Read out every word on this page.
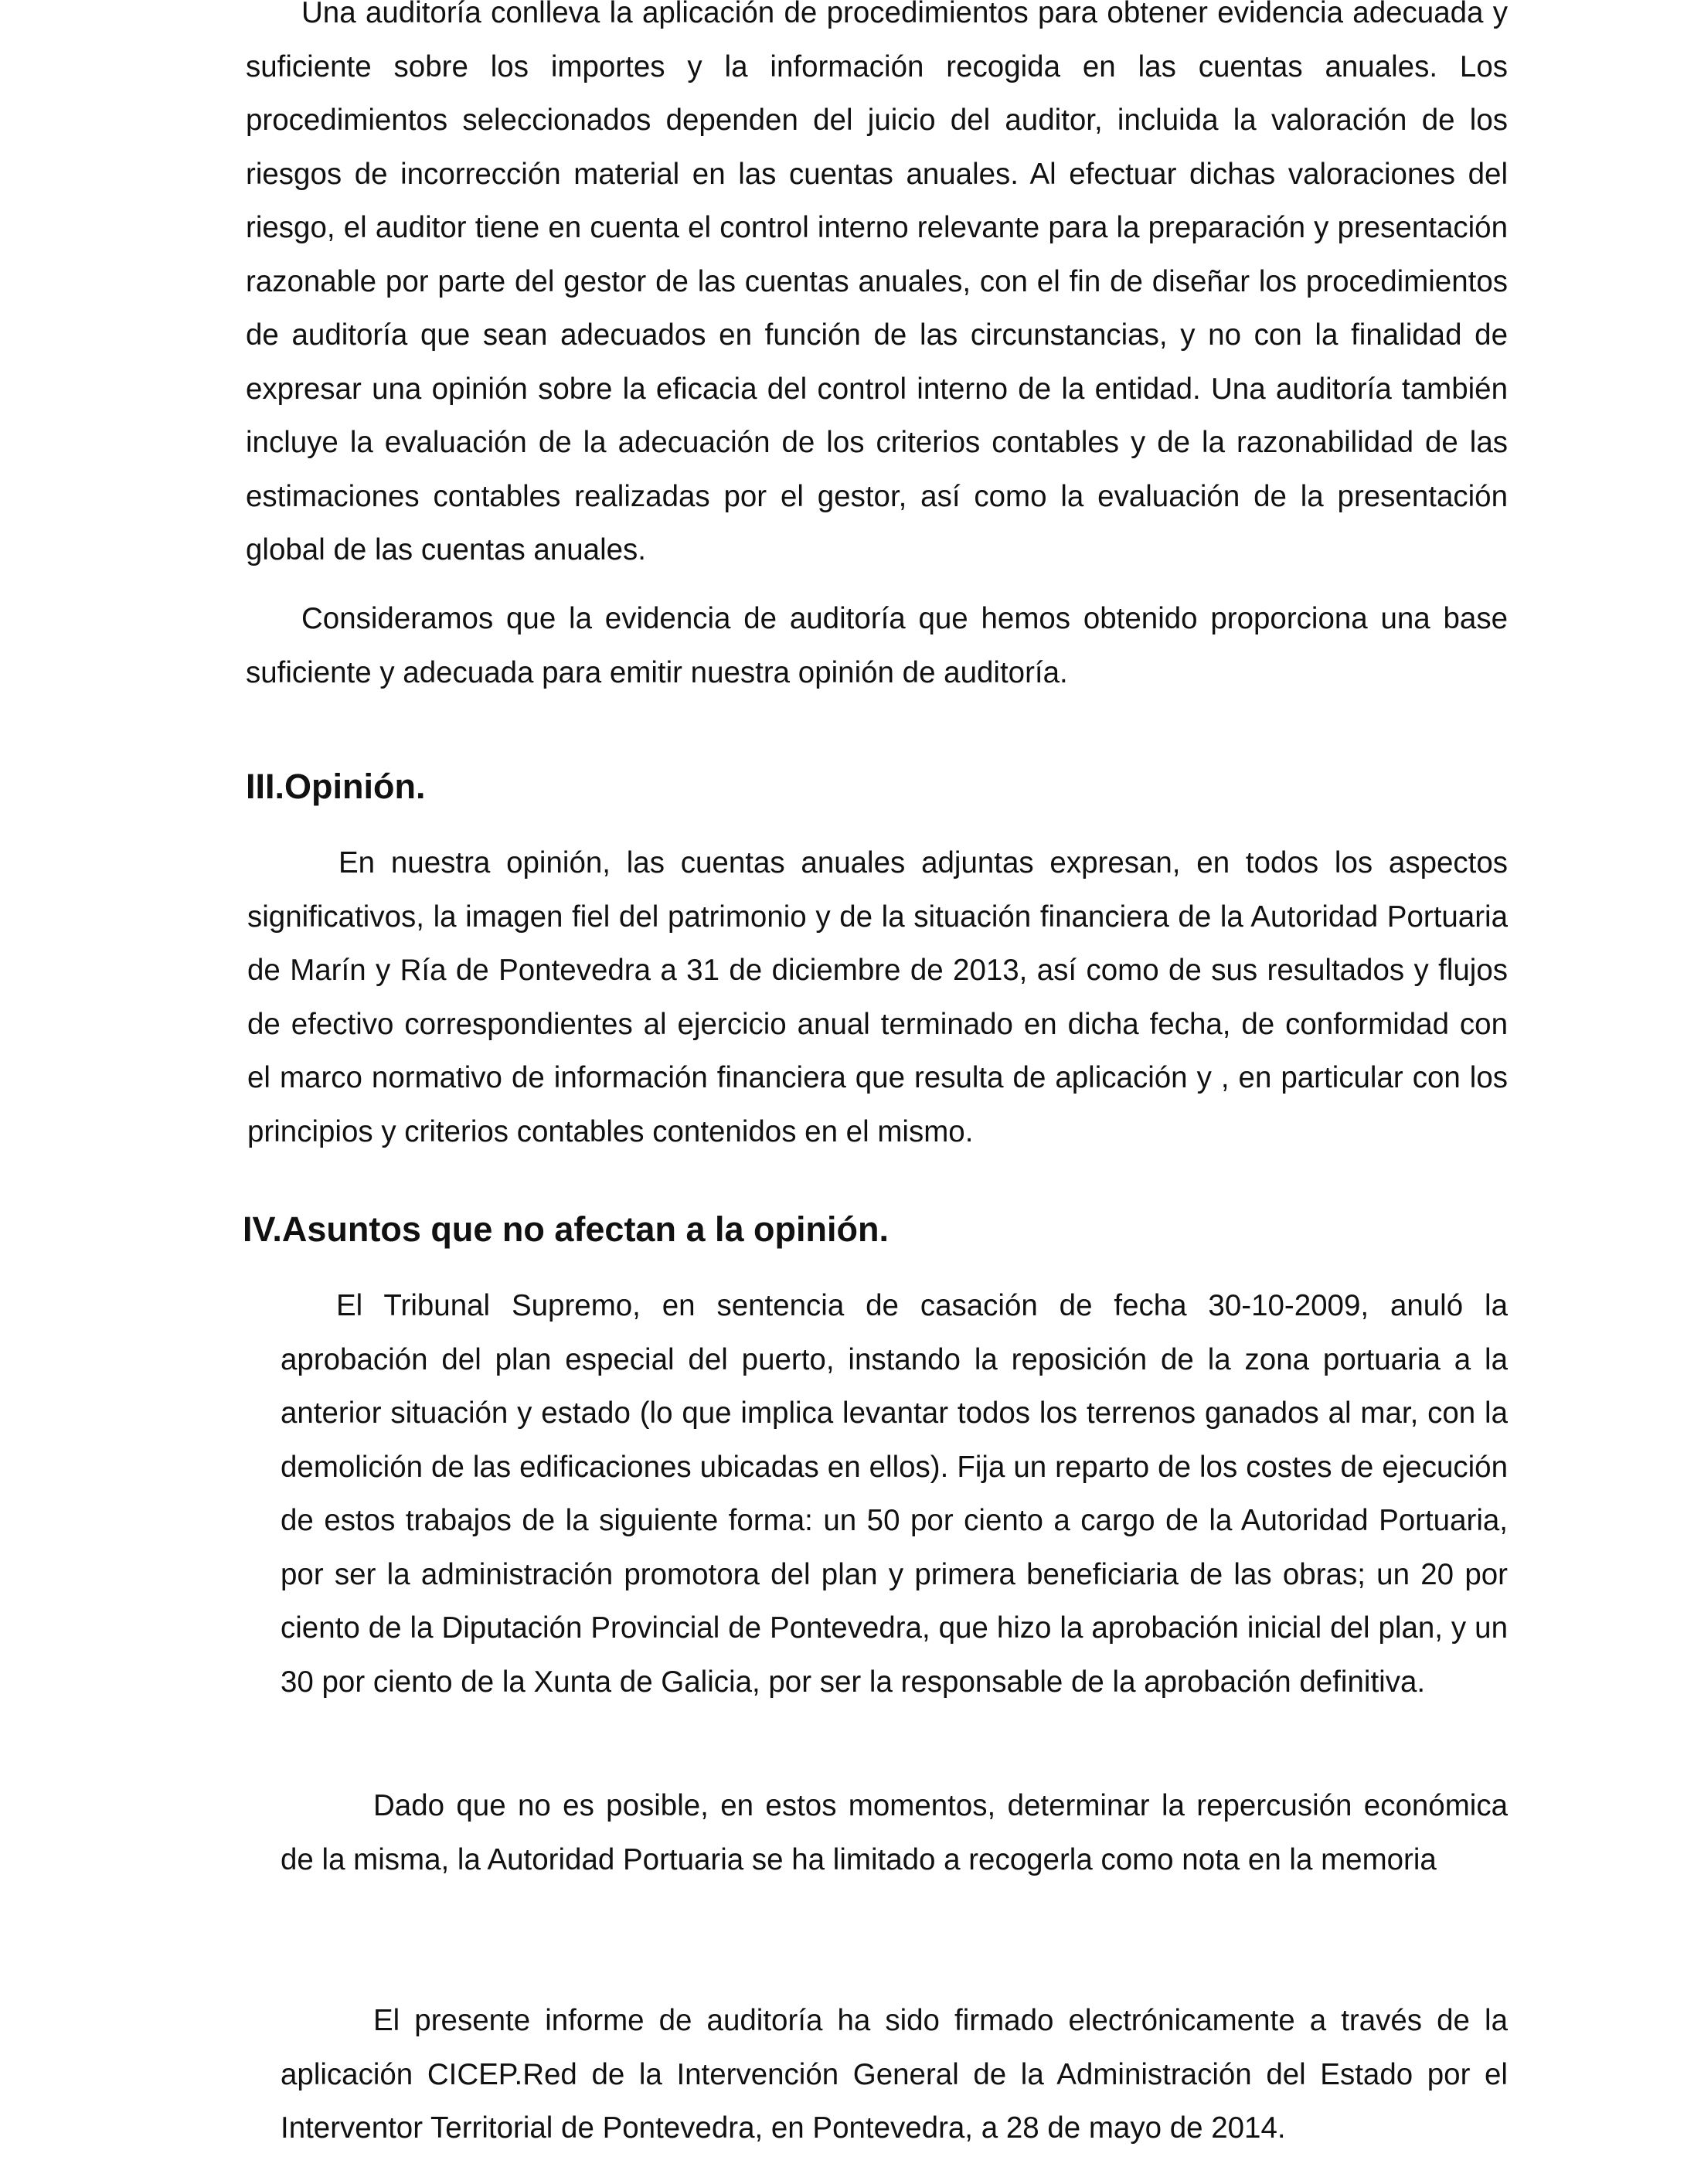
Una auditoría conlleva la aplicación de procedimientos para obtener evidencia adecuada y suficiente sobre los importes y la información recogida en las cuentas anuales. Los procedimientos seleccionados dependen del juicio del auditor, incluida la valoración de los riesgos de incorrección material en las cuentas anuales. Al efectuar dichas valoraciones del riesgo, el auditor tiene en cuenta el control interno relevante para la preparación y presentación razonable por parte del gestor de las cuentas anuales, con el fin de diseñar los procedimientos de auditoría que sean adecuados en función de las circunstancias, y no con la finalidad de expresar una opinión sobre la eficacia del control interno de la entidad. Una auditoría también incluye la evaluación de la adecuación de los criterios contables y de la razonabilidad de las estimaciones contables realizadas por el gestor, así como la evaluación de la presentación global de las cuentas anuales.

Consideramos que la evidencia de auditoría que hemos obtenido proporciona una base suficiente y adecuada para emitir nuestra opinión de auditoría.

III.Opinión.

En nuestra opinión, las cuentas anuales adjuntas expresan, en todos los aspectos significativos, la imagen fiel del patrimonio y de la situación financiera de la Autoridad Portuaria de Marín y Ría de Pontevedra a 31 de diciembre de 2013, así como de sus resultados y flujos de efectivo correspondientes al ejercicio anual terminado en dicha fecha, de conformidad con el marco normativo de información financiera que resulta de aplicación y , en particular con los principios y criterios contables contenidos en el mismo.

IV.Asuntos que no afectan a la opinión.

El Tribunal Supremo, en sentencia de casación de fecha 30-10-2009, anuló la aprobación del plan especial del puerto, instando la reposición de la zona portuaria a la anterior situación y estado (lo que implica levantar todos los terrenos ganados al mar, con la demolición de las edificaciones ubicadas en ellos). Fija un reparto de los costes de ejecución de estos trabajos de la siguiente forma: un 50 por ciento a cargo de la Autoridad Portuaria, por ser la administración promotora del plan y primera beneficiaria de las obras; un 20 por ciento de la Diputación Provincial de Pontevedra, que hizo la aprobación inicial del plan, y un 30 por ciento de la Xunta de Galicia, por ser la responsable de la aprobación definitiva.

Dado que no es posible, en estos momentos, determinar la repercusión económica de la misma, la Autoridad Portuaria se ha limitado a recogerla como nota en la memoria

El presente informe de auditoría ha sido firmado electrónicamente a través de la aplicación CICEP.Red de la Intervención General de la Administración del Estado por el Interventor Territorial de Pontevedra, en Pontevedra, a 28 de mayo de 2014.
